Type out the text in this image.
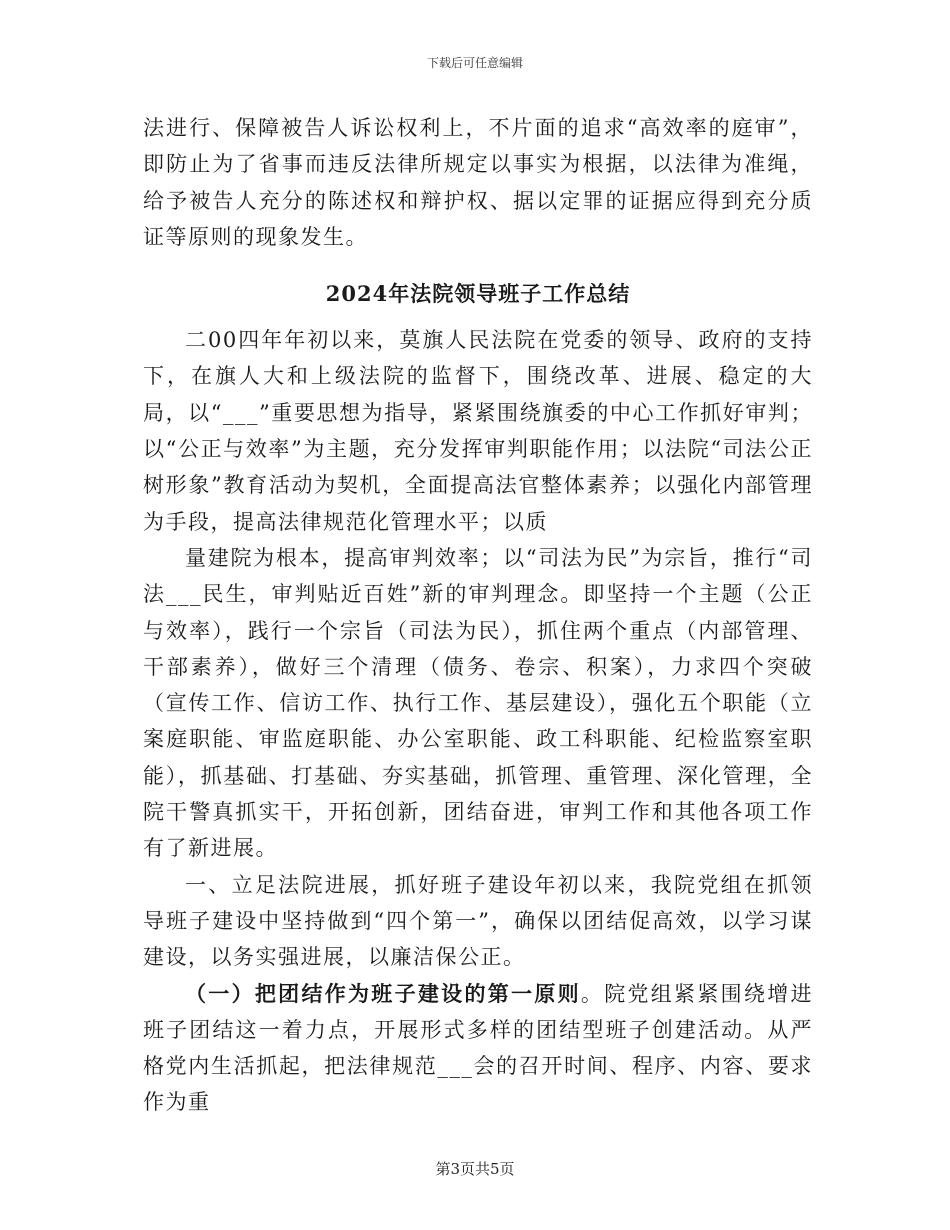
下载后可任意编辑

法进行、保障被告人诉讼权利上，不片面的追求“高效率的庭审”，即防止为了省事而违反法律所规定以事实为根据，以法律为准绳，给予被告人充分的陈述权和辩护权、据以定罪的证据应得到充分质证等原则的现象发生。

2024年法院领导班子工作总结

二00四年年初以来，莫旗人民法院在党委的领导、政府的支持下，在旗人大和上级法院的监督下，围绕改革、进展、稳定的大局，以“___”重要思想为指导，紧紧围绕旗委的中心工作抓好审判；以“公正与效率”为主题，充分发挥审判职能作用；以法院“司法公正树形象”教育活动为契机，全面提高法官整体素养；以强化内部管理为手段，提高法律规范化管理水平；以质

量建院为根本，提高审判效率；以“司法为民”为宗旨，推行“司法___民生，审判贴近百姓”新的审判理念。即坚持一个主题（公正与效率），践行一个宗旨（司法为民），抓住两个重点（内部管理、干部素养），做好三个清理（债务、卷宗、积案），力求四个突破（宣传工作、信访工作、执行工作、基层建设），强化五个职能（立案庭职能、审监庭职能、办公室职能、政工科职能、纪检监察室职能），抓基础、打基础、夯实基础，抓管理、重管理、深化管理，全院干警真抓实干，开拓创新，团结奋进，审判工作和其他各项工作有了新进展。

一、立足法院进展，抓好班子建设年初以来，我院党组在抓领导班子建设中坚持做到“四个第一”，确保以团结促高效，以学习谋建设，以务实强进展，以廉洁保公正。

（一）把团结作为班子建设的第一原则。院党组紧紧围绕增进班子团结这一着力点，开展形式多样的团结型班子创建活动。从严格党内生活抓起，把法律规范___会的召开时间、程序、内容、要求作为重

第3页共5页
